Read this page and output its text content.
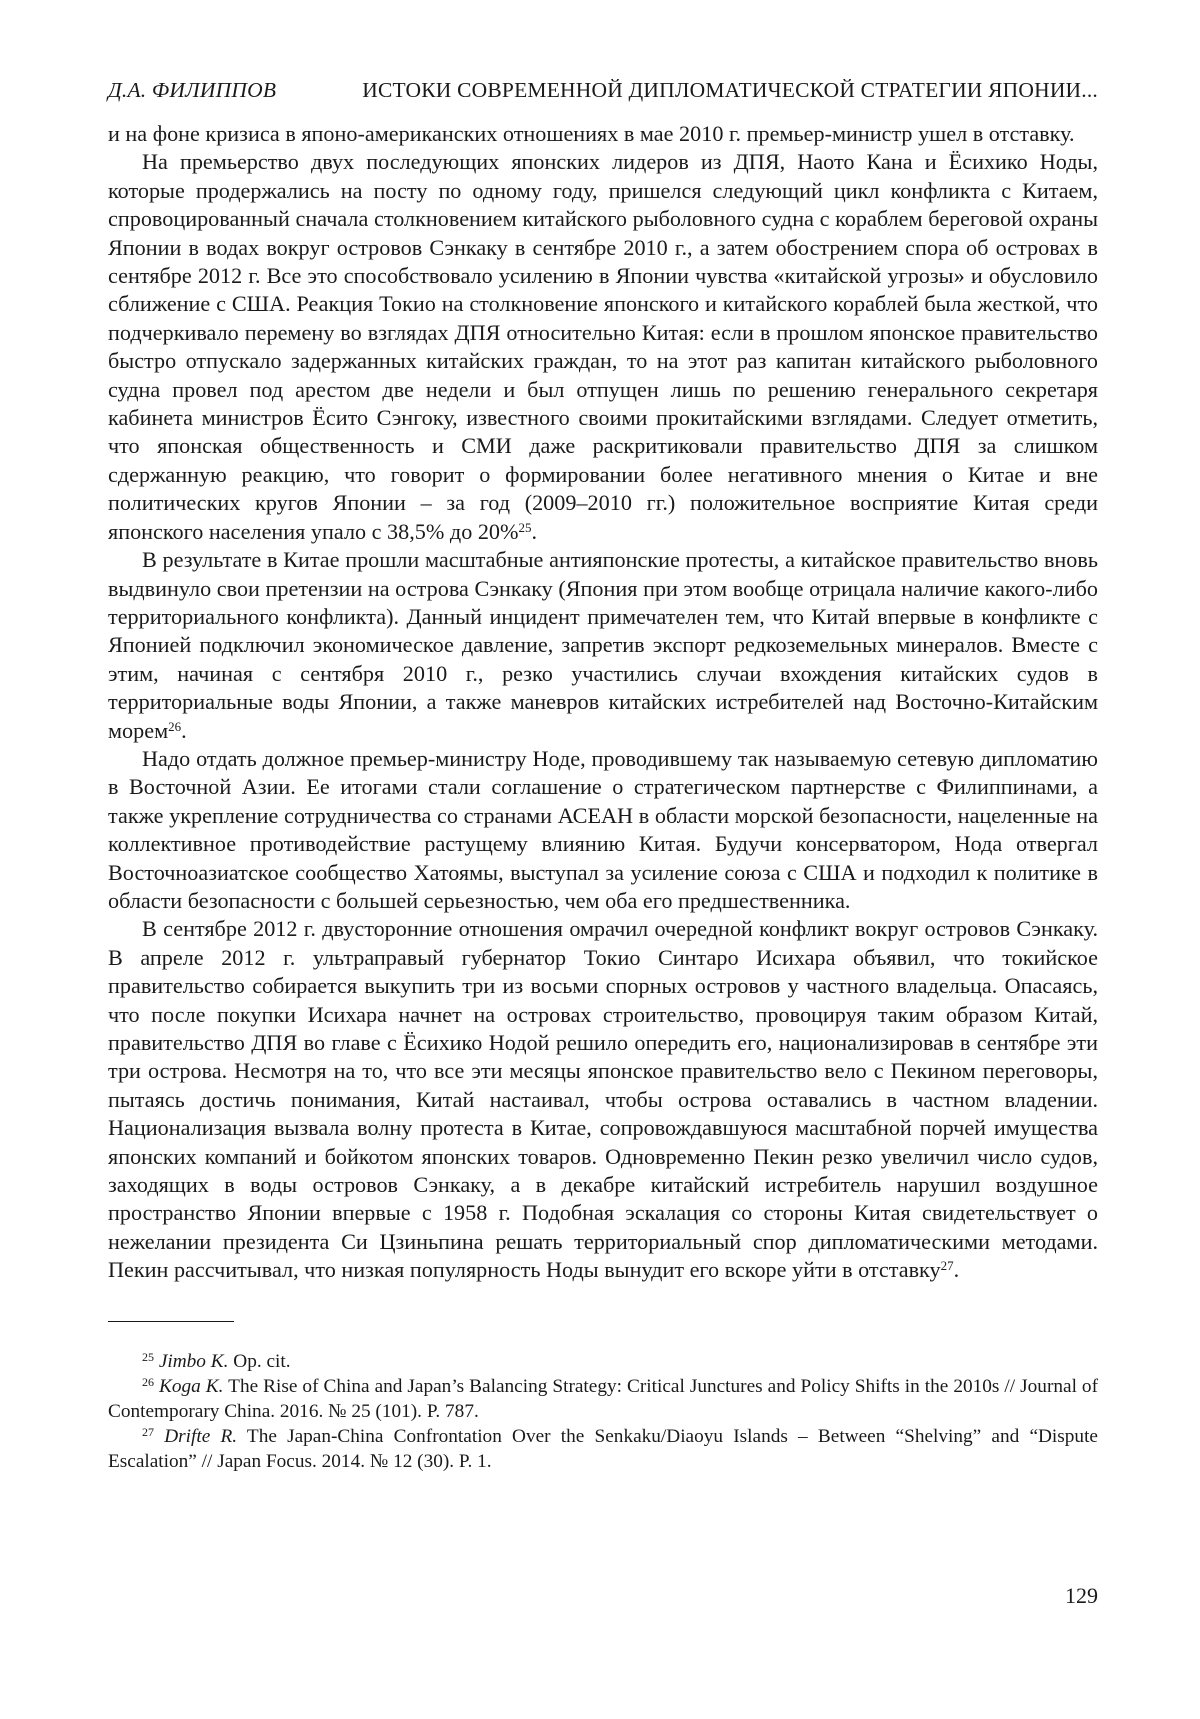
Д.А. ФИЛИППОВ	ИСТОКИ СОВРЕМЕННОЙ ДИПЛОМАТИЧЕСКОЙ СТРАТЕГИИ ЯПОНИИ...

и на фоне кризиса в японо-американских отношениях в мае 2010 г. премьер-министр ушел в отставку.

На премьерство двух последующих японских лидеров из ДПЯ, Наото Кана и Ёсихико Ноды, которые продержались на посту по одному году, пришелся следующий цикл конфликта с Китаем, спровоцированный сначала столкновением китайского рыболовного судна с кораблем береговой охраны Японии в водах вокруг островов Сэнкаку в сентябре 2010 г., а затем обострением спора об островах в сентябре 2012 г. Все это способствовало усилению в Японии чувства «китайской угрозы» и обусловило сближение с США. Реакция Токио на столкновение японского и китайского кораблей была жесткой, что подчеркивало перемену во взглядах ДПЯ относительно Китая: если в прошлом японское правительство быстро отпускало задержанных китайских граждан, то на этот раз капитан китайского рыболовного судна провел под арестом две недели и был отпущен лишь по решению генерального секретаря кабинета министров Ёсито Сэнгоку, известного своими прокитайскими взглядами. Следует отметить, что японская общественность и СМИ даже раскритиковали правительство ДПЯ за слишком сдержанную реакцию, что говорит о формировании более негативного мнения о Китае и вне политических кругов Японии – за год (2009–2010 гг.) положительное восприятие Китая среди японского населения упало с 38,5% до 20%25.

В результате в Китае прошли масштабные антияпонские протесты, а китайское правительство вновь выдвинуло свои претензии на острова Сэнкаку (Япония при этом вообще отрицала наличие какого-либо территориального конфликта). Данный инцидент примечателен тем, что Китай впервые в конфликте с Японией подключил экономическое давление, запретив экспорт редкоземельных минералов. Вместе с этим, начиная с сентября 2010 г., резко участились случаи вхождения китайских судов в территориальные воды Японии, а также маневров китайских истребителей над Восточно-Китайским морем26.

Надо отдать должное премьер-министру Ноде, проводившему так называемую сетевую дипломатию в Восточной Азии. Ее итогами стали соглашение о стратегическом партнерстве с Филиппинами, а также укрепление сотрудничества со странами АСЕАН в области морской безопасности, нацеленные на коллективное противодействие растущему влиянию Китая. Будучи консерватором, Нода отвергал Восточноазиатское сообщество Хатоямы, выступал за усиление союза с США и подходил к политике в области безопасности с большей серьезностью, чем оба его предшественника.

В сентябре 2012 г. двусторонние отношения омрачил очередной конфликт вокруг островов Сэнкаку. В апреле 2012 г. ультраправый губернатор Токио Синтаро Исихара объявил, что токийское правительство собирается выкупить три из восьми спорных островов у частного владельца. Опасаясь, что после покупки Исихара начнет на островах строительство, провоцируя таким образом Китай, правительство ДПЯ во главе с Ёсихико Нодой решило опередить его, национализировав в сентябре эти три острова. Несмотря на то, что все эти месяцы японское правительство вело с Пекином переговоры, пытаясь достичь понимания, Китай настаивал, чтобы острова оставались в частном владении. Национализация вызвала волну протеста в Китае, сопровождавшуюся масштабной порчей имущества японских компаний и бойкотом японских товаров. Одновременно Пекин резко увеличил число судов, заходящих в воды островов Сэнкаку, а в декабре китайский истребитель нарушил воздушное пространство Японии впервые с 1958 г. Подобная эскалация со стороны Китая свидетельствует о нежелании президента Си Цзиньпина решать территориальный спор дипломатическими методами. Пекин рассчитывал, что низкая популярность Ноды вынудит его вскоре уйти в отставку27.

25 Jimbo K. Op. cit.

26 Koga K. The Rise of China and Japan’s Balancing Strategy: Critical Junctures and Policy Shifts in the 2010s // Journal of Contemporary China. 2016. № 25 (101). P. 787.

27 Drifte R. The Japan-China Confrontation Over the Senkaku/Diaoyu Islands – Between “Shelving” and “Dispute Escalation” // Japan Focus. 2014. № 12 (30). P. 1.

129
